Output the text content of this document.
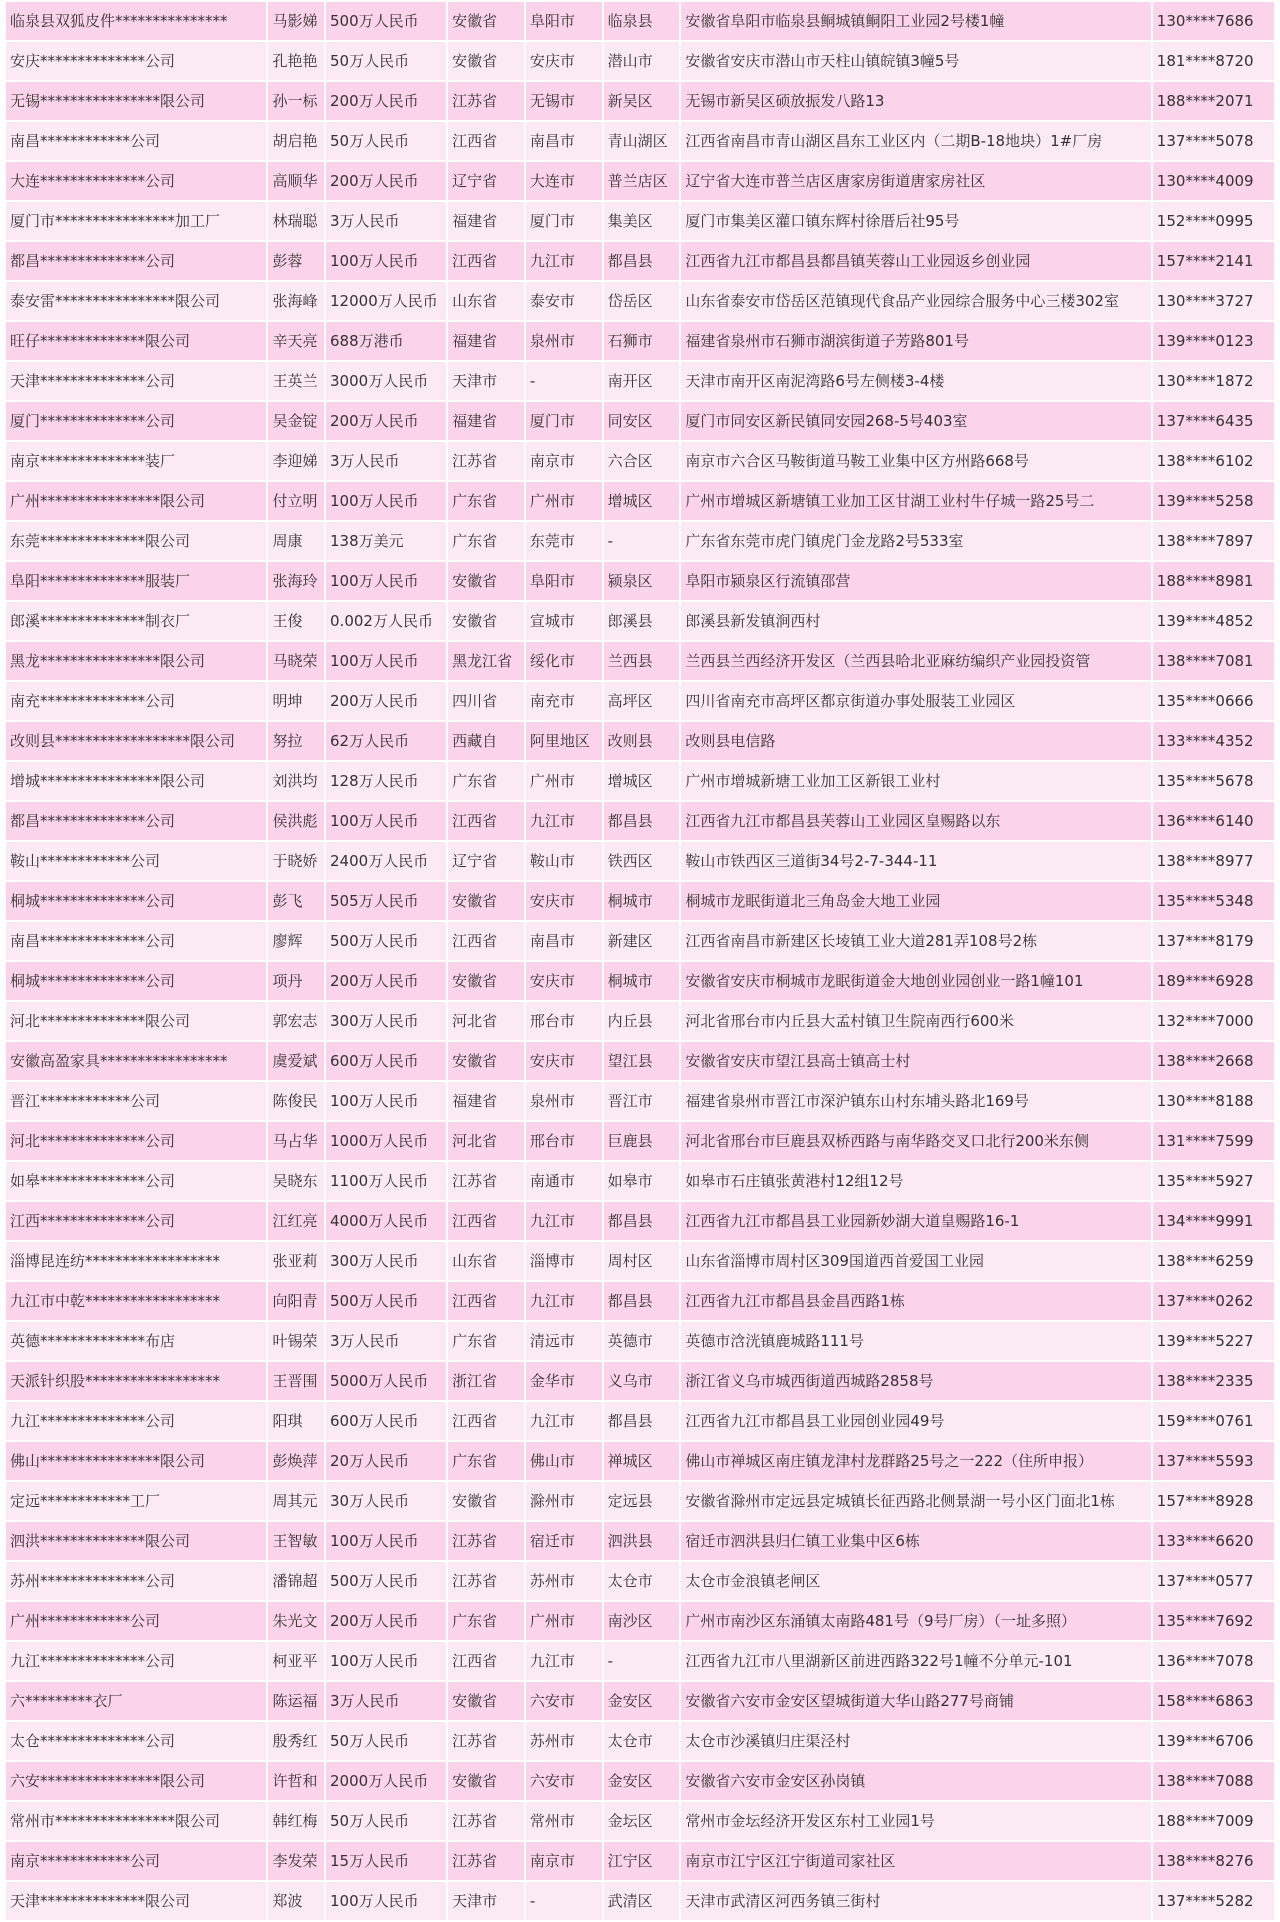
临泉县双狐皮件***************	马影娣	500万人民币	安徽省	阜阳市	临泉县	安徽省阜阳市临泉县鲖城镇鲖阳工业园2号楼1幢	130****7686
安庆**************公司	孔艳艳	50万人民币	安徽省	安庆市	潜山市	安徽省安庆市潜山市天柱山镇皖镇3幢5号	181****8720
无锡****************限公司	孙一标	200万人民币	江苏省	无锡市	新吴区	无锡市新吴区硕放振发八路13	188****2071
南昌************公司	胡启艳	50万人民币	江西省	南昌市	青山湖区	江西省南昌市青山湖区昌东工业区内（二期B-18地块）1#厂房	137****5078
大连**************公司	高顺华	200万人民币	辽宁省	大连市	普兰店区	辽宁省大连市普兰店区唐家房街道唐家房社区	130****4009
厦门市****************加工厂	林瑞聪	3万人民币	福建省	厦门市	集美区	厦门市集美区灌口镇东辉村徐厝后社95号	152****0995
都昌**************公司	彭蓉	100万人民币	江西省	九江市	都昌县	江西省九江市都昌县都昌镇芙蓉山工业园返乡创业园	157****2141
泰安雷****************限公司	张海峰	12000万人民币	山东省	泰安市	岱岳区	山东省泰安市岱岳区范镇现代食品产业园综合服务中心三楼302室	130****3727
旺仔**************限公司	辛天亮	688万港币	福建省	泉州市	石狮市	福建省泉州市石狮市湖滨街道子芳路801号	139****0123
天津**************公司	王英兰	3000万人民币	天津市	-	南开区	天津市南开区南泥湾路6号左侧楼3-4楼	130****1872
厦门**************公司	吴金锭	200万人民币	福建省	厦门市	同安区	厦门市同安区新民镇同安园268-5号403室	137****6435
南京**************装厂	李迎娣	3万人民币	江苏省	南京市	六合区	南京市六合区马鞍街道马鞍工业集中区方州路668号	138****6102
广州****************限公司	付立明	100万人民币	广东省	广州市	增城区	广州市增城区新塘镇工业加工区甘湖工业村牛仔城一路25号二	139****5258
东莞**************限公司	周康	138万美元	广东省	东莞市	-	广东省东莞市虎门镇虎门金龙路2号533室	138****7897
阜阳**************服装厂	张海玲	100万人民币	安徽省	阜阳市	颍泉区	阜阳市颍泉区行流镇邵营	188****8981
郎溪**************制衣厂	王俊	0.002万人民币	安徽省	宣城市	郎溪县	郎溪县新发镇涧西村	139****4852
黑龙****************限公司	马晓荣	100万人民币	黑龙江省	绥化市	兰西县	兰西县兰西经济开发区（兰西县哈北亚麻纺编织产业园投资管	138****7081
南充**************公司	明坤	200万人民币	四川省	南充市	高坪区	四川省南充市高坪区都京街道办事处服装工业园区	135****0666
改则县******************限公司	努拉	62万人民币	西藏自	阿里地区	改则县	改则县电信路	133****4352
增城****************限公司	刘洪均	128万人民币	广东省	广州市	增城区	广州市增城新塘工业加工区新银工业村	135****5678
都昌**************公司	侯洪彪	100万人民币	江西省	九江市	都昌县	江西省九江市都昌县芙蓉山工业园区皇赐路以东	136****6140
鞍山************公司	于晓娇	2400万人民币	辽宁省	鞍山市	铁西区	鞍山市铁西区三道街34号2-7-344-11	138****8977
桐城**************公司	彭飞	505万人民币	安徽省	安庆市	桐城市	桐城市龙眠街道北三角岛金大地工业园	135****5348
南昌**************公司	廖辉	500万人民币	江西省	南昌市	新建区	江西省南昌市新建区长堎镇工业大道281弄108号2栋	137****8179
桐城**************公司	项丹	200万人民币	安徽省	安庆市	桐城市	安徽省安庆市桐城市龙眠街道金大地创业园创业一路1幢101	189****6928
河北**************限公司	郭宏志	300万人民币	河北省	邢台市	内丘县	河北省邢台市内丘县大孟村镇卫生院南西行600米	132****7000
安徽高盈家具*****************	虞爱斌	600万人民币	安徽省	安庆市	望江县	安徽省安庆市望江县高士镇高士村	138****2668
晋江************公司	陈俊民	100万人民币	福建省	泉州市	晋江市	福建省泉州市晋江市深沪镇东山村东埔头路北169号	130****8188
河北**************公司	马占华	1000万人民币	河北省	邢台市	巨鹿县	河北省邢台市巨鹿县双桥西路与南华路交叉口北行200米东侧	131****7599
如皋**************公司	吴晓东	1100万人民币	江苏省	南通市	如皋市	如皋市石庄镇张黄港村12组12号	135****5927
江西**************公司	江红亮	4000万人民币	江西省	九江市	都昌县	江西省九江市都昌县工业园新妙湖大道皇赐路16-1	134****9991
淄博昆连纺******************	张亚莉	300万人民币	山东省	淄博市	周村区	山东省淄博市周村区309国道西首爱国工业园	138****6259
九江市中乾******************	向阳青	500万人民币	江西省	九江市	都昌县	江西省九江市都昌县金昌西路1栋	137****0262
英德**************布店	叶锡荣	3万人民币	广东省	清远市	英德市	英德市浛洸镇鹿城路111号	139****5227
天派针织股******************	王晋围	5000万人民币	浙江省	金华市	义乌市	浙江省义乌市城西街道西城路2858号	138****2335
九江**************公司	阳琪	600万人民币	江西省	九江市	都昌县	江西省九江市都昌县工业园创业园49号	159****0761
佛山****************限公司	彭焕萍	20万人民币	广东省	佛山市	禅城区	佛山市禅城区南庄镇龙津村龙群路25号之一222（住所申报）	137****5593
定远************工厂	周其元	30万人民币	安徽省	滁州市	定远县	安徽省滁州市定远县定城镇长征西路北侧景湖一号小区门面北1栋	157****8928
泗洪**************限公司	王智敏	100万人民币	江苏省	宿迁市	泗洪县	宿迁市泗洪县归仁镇工业集中区6栋	133****6620
苏州**************公司	潘锦超	500万人民币	江苏省	苏州市	太仓市	太仓市金浪镇老闸区	137****0577
广州************公司	朱光文	200万人民币	广东省	广州市	南沙区	广州市南沙区东涌镇太南路481号（9号厂房）（一址多照）	135****7692
九江**************公司	柯亚平	100万人民币	江西省	九江市	-	江西省九江市八里湖新区前进西路322号1幢不分单元-101	136****7078
六*********衣厂	陈运福	3万人民币	安徽省	六安市	金安区	安徽省六安市金安区望城街道大华山路277号商铺	158****6863
太仓**************公司	殷秀红	50万人民币	江苏省	苏州市	太仓市	太仓市沙溪镇归庄渠泾村	139****6706
六安****************限公司	许哲和	2000万人民币	安徽省	六安市	金安区	安徽省六安市金安区孙岗镇	138****7088
常州市****************限公司	韩红梅	50万人民币	江苏省	常州市	金坛区	常州市金坛经济开发区东村工业园1号	188****7009
南京************公司	李发荣	15万人民币	江苏省	南京市	江宁区	南京市江宁区江宁街道司家社区	138****8276
天津**************限公司	郑波	100万人民币	天津市	-	武清区	天津市武清区河西务镇三街村	137****5282
